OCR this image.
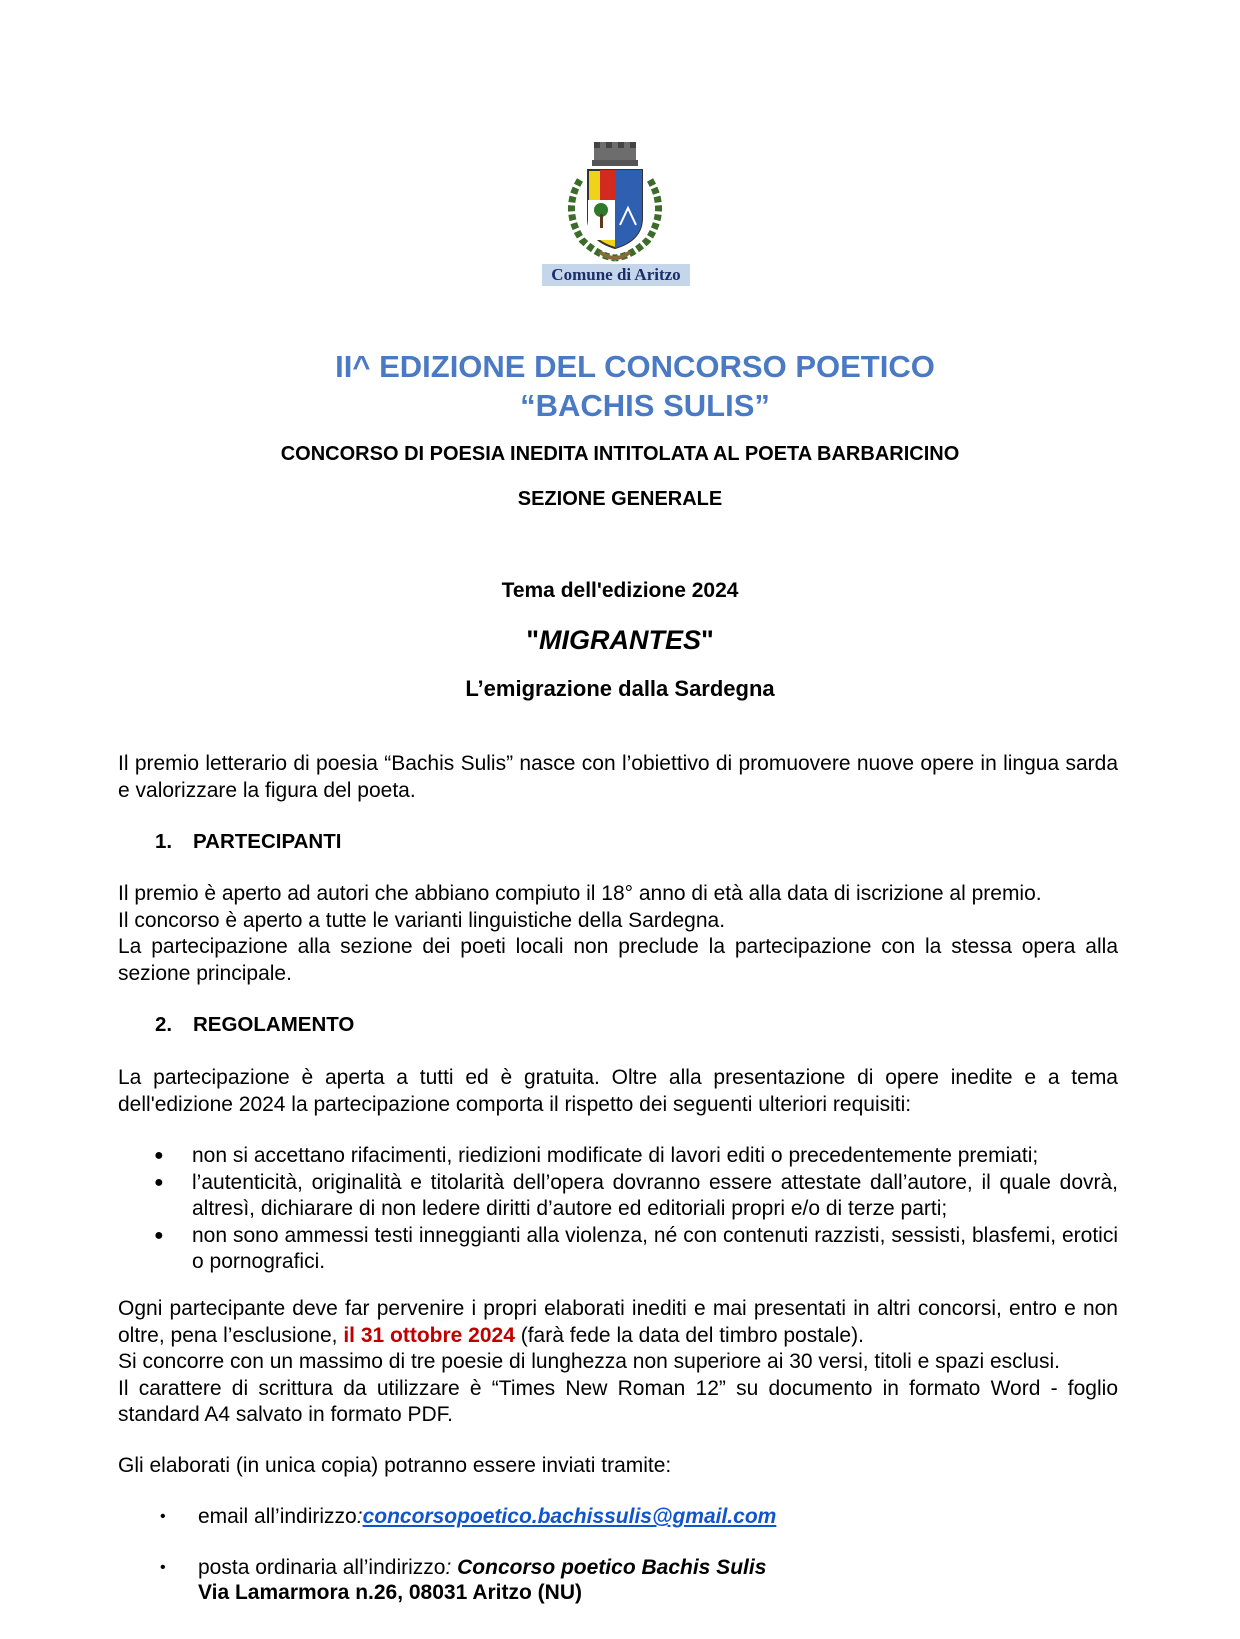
Comune di Aritzo
II^ EDIZIONE DEL CONCORSO POETICO
“BACHIS SULIS”
CONCORSO DI POESIA INEDITA INTITOLATA AL POETA BARBARICINO
SEZIONE GENERALE
Tema dell'edizione 2024
"MIGRANTES"
L’emigrazione dalla Sardegna
Il premio letterario di poesia “Bachis Sulis” nasce con l’obiettivo di promuovere nuove opere in lingua sarda e valorizzare la figura del poeta.
1. PARTECIPANTI

Il premio è aperto ad autori che abbiano compiuto il 18° anno di età alla data di iscrizione al premio.

Il concorso è aperto a tutte le varianti linguistiche della Sardegna.

La partecipazione alla sezione dei poeti locali non preclude la partecipazione con la stessa opera alla sezione principale.

2. REGOLAMENTO

La partecipazione è aperta a tutti ed è gratuita. Oltre alla presentazione di opere inedite e a tema dell'edizione 2024 la partecipazione comporta il rispetto dei seguenti ulteriori requisiti:

● non si accettano rifacimenti, riedizioni modificate di lavori editi o precedentemente premiati;
● l’autenticità, originalità e titolarità dell’opera dovranno essere attestate dall’autore, il quale dovrà, altresì, dichiarare di non ledere diritti d’autore ed editoriali propri e/o di terze parti;
● non sono ammessi testi inneggianti alla violenza, né con contenuti razzisti, sessisti, blasfemi, erotici o pornografici.

Ogni partecipante deve far pervenire i propri elaborati inediti e mai presentati in altri concorsi, entro e non oltre, pena l’esclusione, il 31 ottobre 2024 (farà fede la data del timbro postale).

Si concorre con un massimo di tre poesie di lunghezza non superiore ai 30 versi, titoli e spazi esclusi.

Il carattere di scrittura da utilizzare è “Times New Roman 12” su documento in formato Word - foglio standard A4 salvato in formato PDF.

Gli elaborati (in unica copia) potranno essere inviati tramite:
• email all’indirizzo:concorsopoetico.bachissulis@gmail.com
• posta ordinaria all’indirizzo: Concorso poetico Bachis Sulis
Via Lamarmora n.26, 08031 Aritzo (NU)
